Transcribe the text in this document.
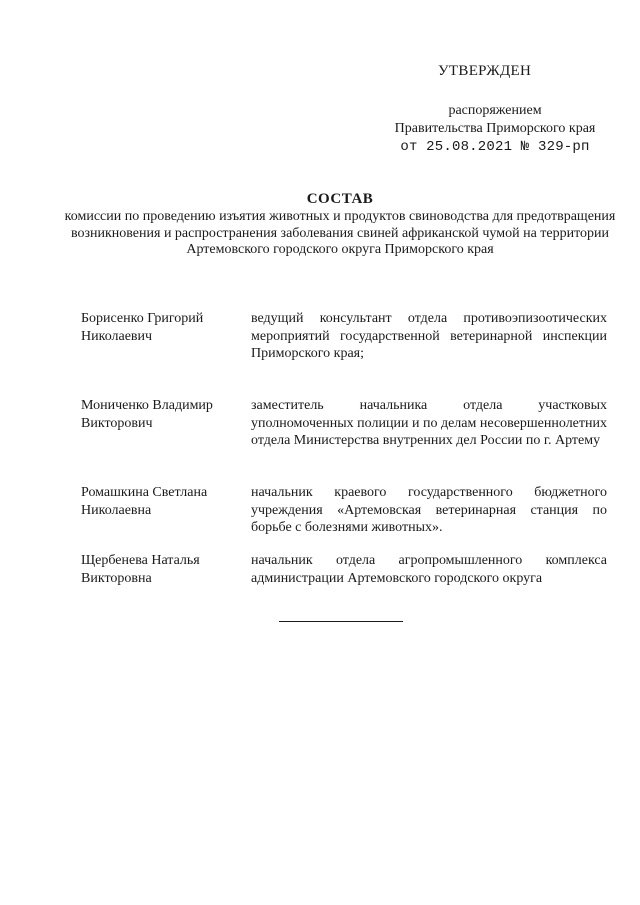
УТВЕРЖДЕН
распоряжением
Правительства Приморского края
от 25.08.2021 № 329-рп
СОСТАВ
комиссии по проведению изъятия животных и продуктов свиноводства для предотвращения возникновения и распространения заболевания свиней африканской чумой на территории Артемовского городского округа Приморского края
Борисенко Григорий
Николаевич
ведущий консультант отдела противоэпизоотических мероприятий государственной ветеринарной инспекции Приморского края;
Мониченко Владимир
Викторович
заместитель начальника отдела участковых уполномоченных полиции и по делам несовершеннолетних отдела Министерства внутренних дел России по г. Артему
Ромашкина Светлана
Николаевна
начальник краевого государственного бюджетного учреждения «Артемовская ветеринарная станция по борьбе с болезнями животных».
Щербенева Наталья
Викторовна
начальник отдела агропромышленного комплекса администрации Артемовского городского округа
